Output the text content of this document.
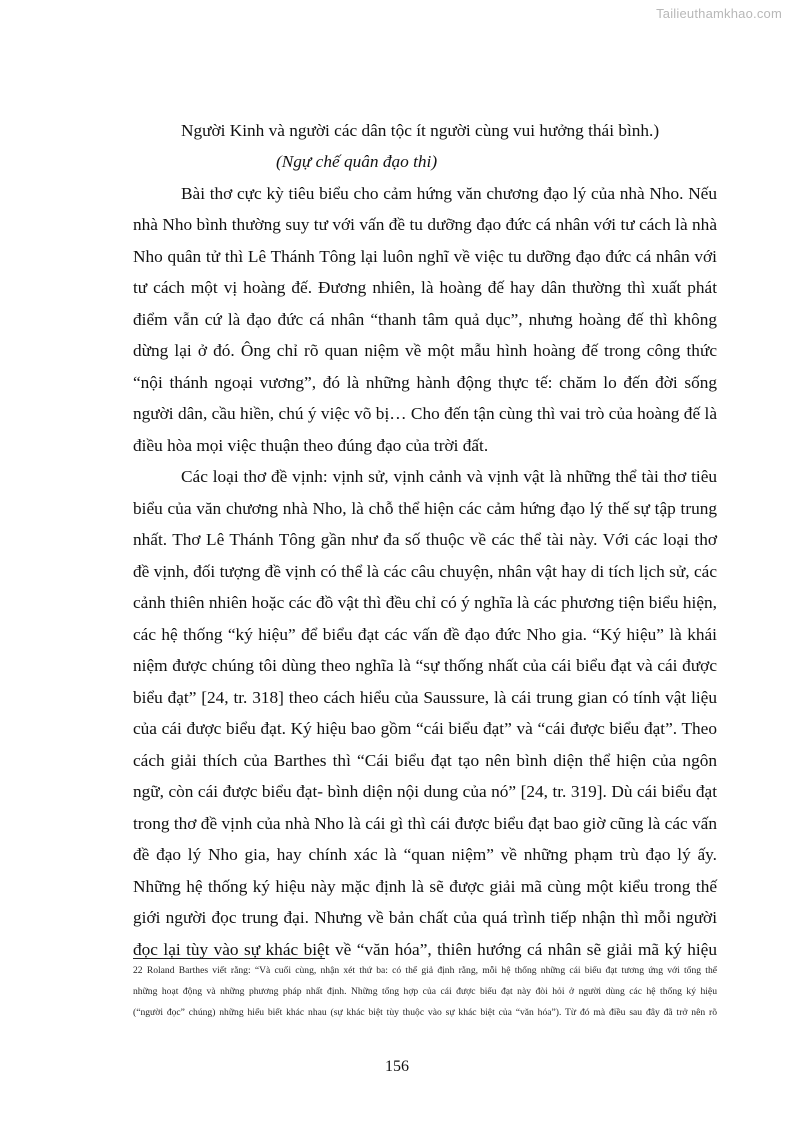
Tailieuthamkhao.com
Người Kinh và người các dân tộc ít người cùng vui hưởng thái bình.)
(Ngự chế quân đạo thi)
Bài thơ cực kỳ tiêu biểu cho cảm hứng văn chương đạo lý của nhà Nho. Nếu
nhà Nho bình thường suy tư với vấn đề tu dưỡng đạo đức cá nhân với tư cách là nhà
Nho quân tử thì Lê Thánh Tông lại luôn nghĩ về việc tu dưỡng đạo đức cá nhân với
tư cách một vị hoàng đế. Đương nhiên, là hoàng đế hay dân thường thì xuất phát
điểm vẫn cứ là đạo đức cá nhân “thanh tâm quả dục”, nhưng hoàng đế thì không
dừng lại ở đó. Ông chỉ rõ quan niệm về một mẫu hình hoàng đế trong công thức
“nội thánh ngoại vương”, đó là những hành động thực tế: chăm lo đến đời sống
người dân, cầu hiền, chú ý việc võ bị… Cho đến tận cùng thì vai trò của hoàng đế là
điều hòa mọi việc thuận theo đúng đạo của trời đất.
Các loại thơ đề vịnh: vịnh sử, vịnh cảnh và vịnh vật là những thể tài thơ tiêu
biểu của văn chương nhà Nho, là chỗ thể hiện các cảm hứng đạo lý thế sự tập trung
nhất. Thơ Lê Thánh Tông gần như đa số thuộc về các thể tài này. Với các loại thơ
đề vịnh, đối tượng đề vịnh có thể là các câu chuyện, nhân vật hay di tích lịch sử, các
cảnh thiên nhiên hoặc các đồ vật thì đều chỉ có ý nghĩa là các phương tiện biểu hiện,
các hệ thống “ký hiệu” để biểu đạt các vấn đề đạo đức Nho gia. “Ký hiệu” là khái
niệm được chúng tôi dùng theo nghĩa là “sự thống nhất của cái biểu đạt và cái được
biểu đạt” [24, tr. 318] theo cách hiểu của Saussure, là cái trung gian có tính vật liệu
của cái được biểu đạt. Ký hiệu bao gồm “cái biểu đạt” và “cái được biểu đạt”. Theo
cách giải thích của Barthes thì “Cái biểu đạt tạo nên bình diện thể hiện của ngôn
ngữ, còn cái được biểu đạt- bình diện nội dung của nó” [24, tr. 319]. Dù cái biểu đạt
trong thơ đề vịnh của nhà Nho là cái gì thì cái được biểu đạt bao giờ cũng là các vấn
đề đạo lý Nho gia, hay chính xác là “quan niệm” về những phạm trù đạo lý ấy.
Những hệ thống ký hiệu này mặc định là sẽ được giải mã cùng một kiểu trong thế
giới người đọc trung đại. Nhưng về bản chất của quá trình tiếp nhận thì mỗi người
đọc lại tùy vào sự khác biệt về “văn hóa”, thiên hướng cá nhân sẽ giải mã ký hiệu
22 Roland Barthes viết rằng: “Và cuối cùng, nhận xét thứ ba: có thể giả định rằng, mỗi hệ thống những cái biểu đạt tương ứng với tổng thể
những hoạt động và những phương pháp nhất định. Những tổng hợp của cái được biểu đạt này đòi hỏi ở người dùng các hệ thống ký hiệu
(“người đọc” chúng) những hiểu biết khác nhau (sự khác biệt tùy thuộc vào sự khác biệt của “văn hóa”). Từ đó mà điều sau đây đã trở nên rõ
156
